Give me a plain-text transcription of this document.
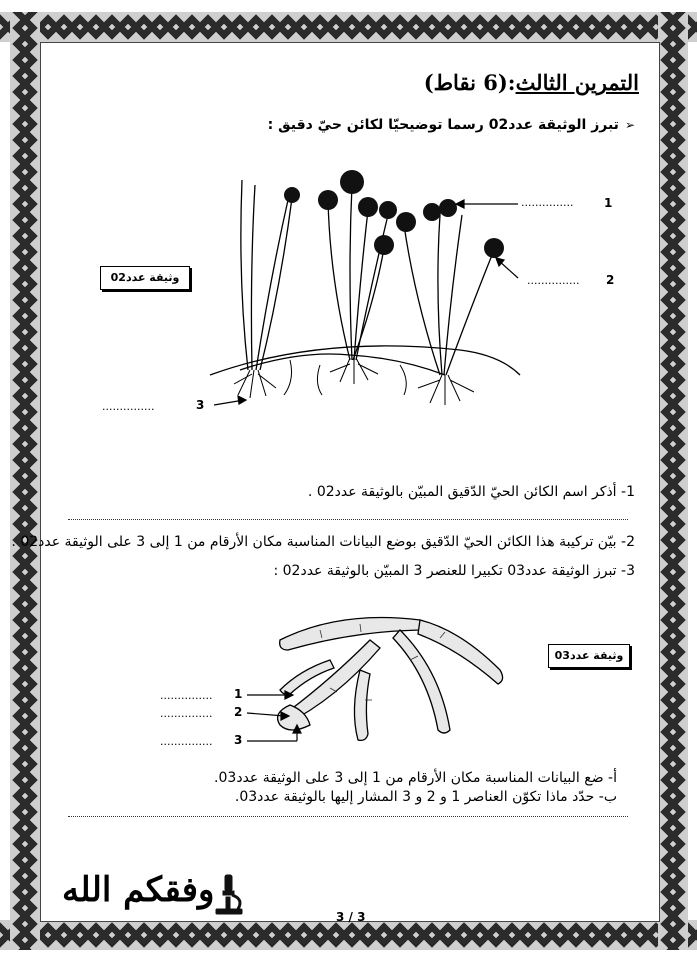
التمرين الثالث:(6 نقاط)
➢تبرز الوثيقة عدد02 رسما توضيحيّا لكائن حيّ دقيق :
وثيقة عدد02
...............	1
............... 2
...............	3
1- أذكر اسم الكائن الحيّ الدّقيق المبيّن بالوثيقة عدد02 .
2- بيّن تركيبة هذا الكائن الحيّ الدّقيق بوضع البيانات المناسبة مكان الأرقام من 1 إلى 3 على الوثيقة عدد02 .
3- تبرز الوثيقة عدد03 تكبيرا للعنصر 3 المبيّن بالوثيقة عدد02 :
وثيقة عدد03
............... 1
............... 2
............... 3
أ- ضع البيانات المناسبة مكان الأرقام من 1 إلى 3 على الوثيقة عدد03.
ب- حدّد ماذا تكوّن العناصر 1 و 2 و 3 المشار إليها بالوثيقة عدد03.
وفقكم الله
3 / 3
